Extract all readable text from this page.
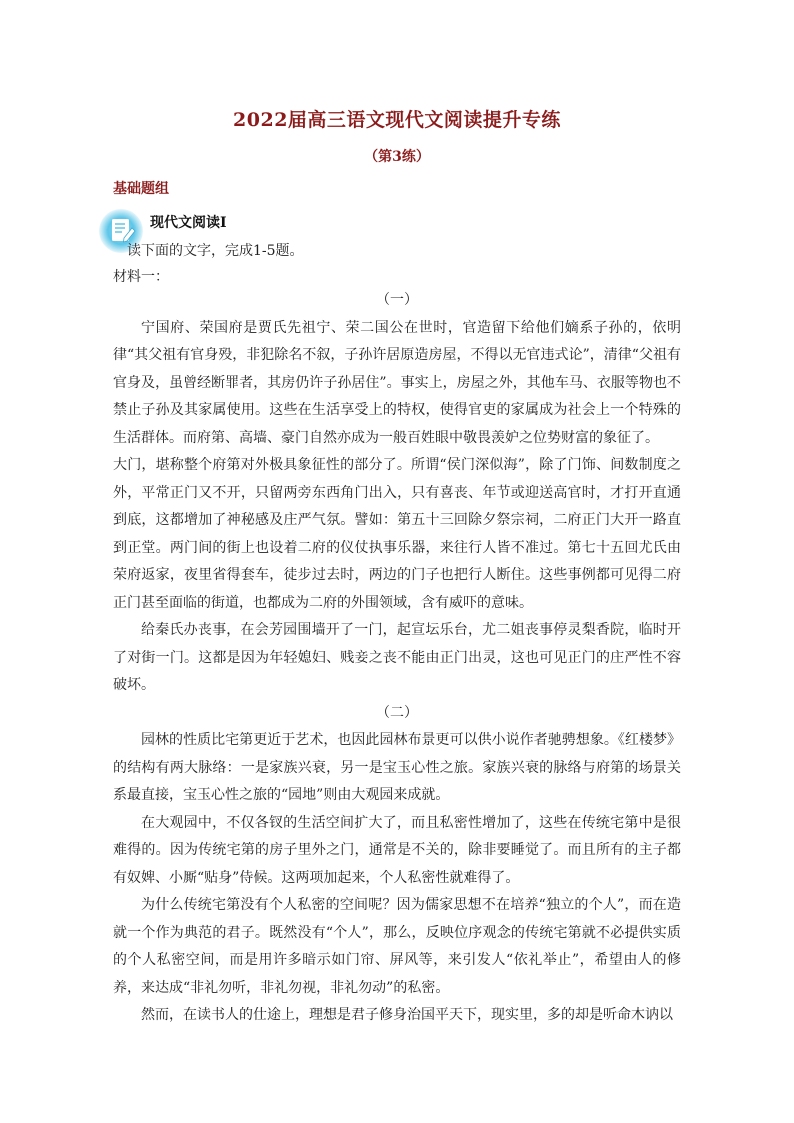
2022届高三语文现代文阅读提升专练
（第3练）
基础题组
现代文阅读Ⅰ
读下面的文字，完成1-5题。
材料一：

（一）

宁国府、荣国府是贾氏先祖宁、荣二国公在世时，官造留下给他们嫡系子孙的，依明律“其父祖有官身殁，非犯除名不叙，子孙许居原造房屋，不得以无官违式论”，清律“父祖有官身及，虽曾经断罪者，其房仍许子孙居住”。事实上，房屋之外，其他车马、衣服等物也不禁止子孙及其家属使用。这些在生活享受上的特权，使得官吏的家属成为社会上一个特殊的生活群体。而府第、高墙、豪门自然亦成为一般百姓眼中敬畏羡妒之位势财富的象征了。

大门，堪称整个府第对外极具象征性的部分了。所谓“侯门深似海”，除了门饰、间数制度之外，平常正门又不开，只留两旁东西角门出入，只有喜丧、年节或迎送高官时，才打开直通到底，这都增加了神秘感及庄严气氛。譬如：第五十三回除夕祭宗祠，二府正门大开一路直到正堂。两门间的街上也设着二府的仪仗执事乐器，来往行人皆不准过。第七十五回尤氏由荣府返家，夜里省得套车，徒步过去时，两边的门子也把行人断住。这些事例都可见得二府正门甚至面临的街道，也都成为二府的外围领域，含有威吓的意味。

给秦氏办丧事，在会芳园围墙开了一门，起宣坛乐台，尤二姐丧事停灵梨香院，临时开了对街一门。这都是因为年轻媳妇、贱妾之丧不能由正门出灵，这也可见正门的庄严性不容破坏。

（二）

园林的性质比宅第更近于艺术，也因此园林布景更可以供小说作者驰骋想象。《红楼梦》的结构有两大脉络：一是家族兴衰，另一是宝玉心性之旅。家族兴衰的脉络与府第的场景关系最直接，宝玉心性之旅的“园地”则由大观园来成就。

在大观园中，不仅各钗的生活空间扩大了，而且私密性增加了，这些在传统宅第中是很难得的。因为传统宅第的房子里外之门，通常是不关的，除非要睡觉了。而且所有的主子都有奴婢、小厮“贴身”侍候。这两项加起来，个人私密性就难得了。

为什么传统宅第没有个人私密的空间呢？因为儒家思想不在培养“独立的个人”，而在造就一个作为典范的君子。既然没有“个人”，那么，反映位序观念的传统宅第就不必提供实质的个人私密空间，而是用许多暗示如门帘、屏风等，来引发人“依礼举止”，希望由人的修养，来达成“非礼勿听，非礼勿视，非礼勿动”的私密。

然而，在读书人的仕途上，理想是君子修身治国平天下，现实里，多的却是听命木讷以
